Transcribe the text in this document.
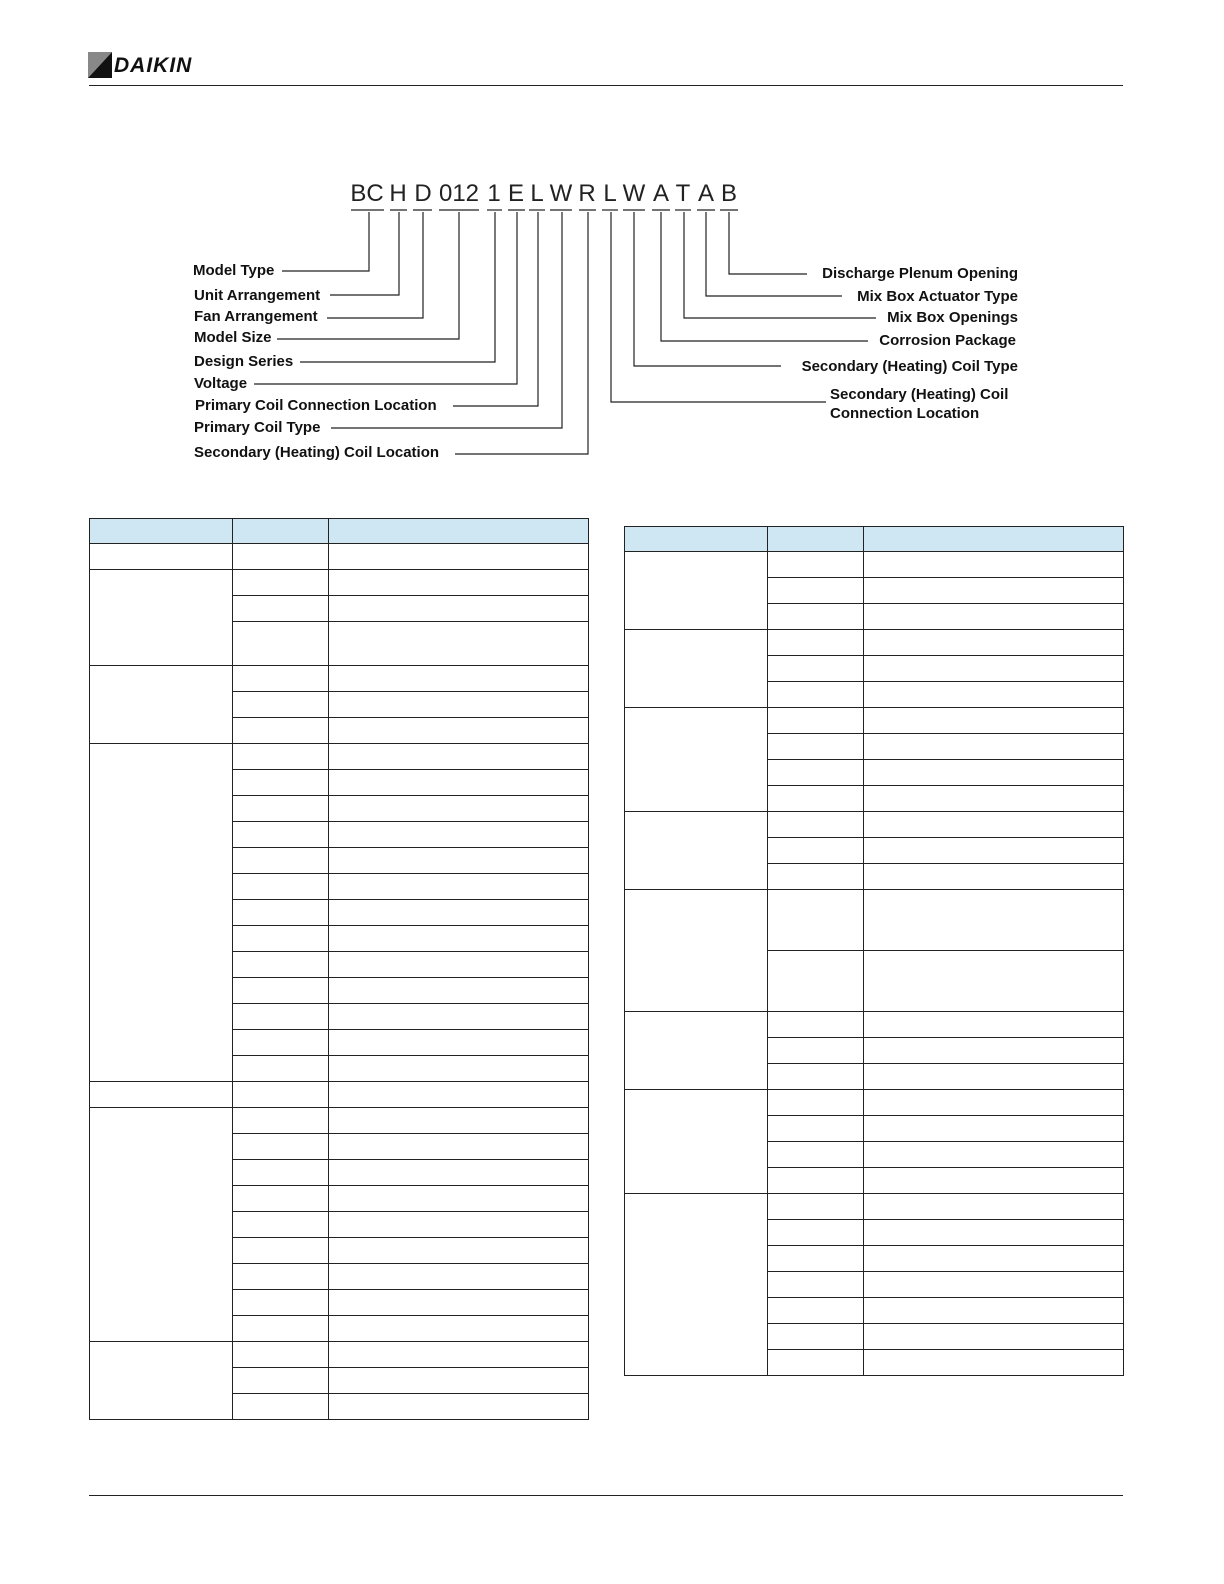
DAIKIN
BC H D 012 1 E L W R L W A T A B
Model Type
Unit Arrangement
Fan Arrangement
Model Size
Design Series
Voltage
Primary Coil Connection Location
Primary Coil Type
Secondary (Heating) Coil Location
Discharge Plenum Opening
Mix Box Actuator Type
Mix Box Openings
Corrosion Package
Secondary (Heating) Coil Type
Secondary (Heating) Coil
Connection Location
